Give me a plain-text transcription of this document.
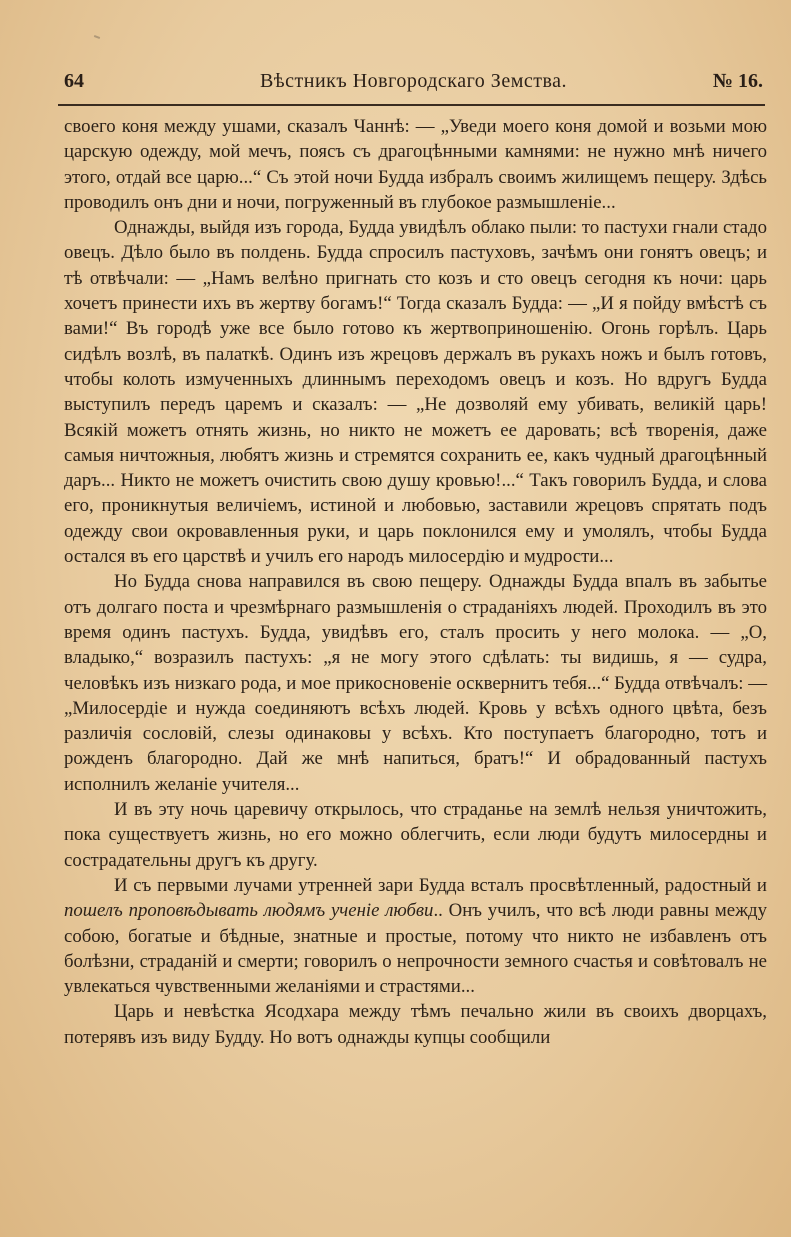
64	Вѣстникъ Новгородскаго Земства.	№ 16.

своего коня между ушами, сказалъ Чаннѣ: — „Уведи моего коня домой и возьми мою царскую одежду, мой мечъ, поясъ съ драгоцѣнными камнями: не нужно мнѣ ничего этого, отдай все царю...“ Съ этой ночи Будда избралъ своимъ жилищемъ пещеру. Здѣсь проводилъ онъ дни и ночи, погруженный въ глубокое размышленіе...

Однажды, выйдя изъ города, Будда увидѣлъ облако пыли: то пастухи гнали стадо овецъ. Дѣло было въ полдень. Будда спросилъ пастуховъ, зачѣмъ они гонятъ овецъ; и тѣ отвѣчали: — „Намъ велѣно пригнать сто козъ и сто овецъ сегодня къ ночи: царь хочетъ принести ихъ въ жертву богамъ!“ Тогда сказалъ Будда: — „И я пойду вмѣстѣ съ вами!“ Въ городѣ уже все было готово къ жертвоприношенію. Огонь горѣлъ. Царь сидѣлъ возлѣ, въ палаткѣ. Одинъ изъ жрецовъ держалъ въ рукахъ ножъ и былъ готовъ, чтобы колоть измученныхъ длиннымъ переходомъ овецъ и козъ. Но вдругъ Будда выступилъ передъ царемъ и сказалъ: — „Не дозволяй ему убивать, великій царь! Всякій можетъ отнять жизнь, но никто не можетъ ее даровать; всѣ творенія, даже самыя ничтожныя, любятъ жизнь и стремятся сохранить ее, какъ чудный драгоцѣнный даръ... Никто не можетъ очистить свою душу кровью!...“ Такъ говорилъ Будда, и слова его, проникнутыя величіемъ, истиной и любовью, заставили жрецовъ спрятать подъ одежду свои окровавленныя руки, и царь поклонился ему и умолялъ, чтобы Будда остался въ его царствѣ и училъ его народъ милосердію и мудрости...

Но Будда снова направился въ свою пещеру. Однажды Будда впалъ въ забытье отъ долгаго поста и чрезмѣрнаго размышленія о страданіяхъ людей. Проходилъ въ это время одинъ пастухъ. Будда, увидѣвъ его, сталъ просить у него молока. — „О, владыко,“ возразилъ пастухъ: „я не могу этого сдѣлать: ты видишь, я — судра, человѣкъ изъ низкаго рода, и мое прикосновеніе осквернитъ тебя...“ Будда отвѣчалъ: — „Милосердіе и нужда соединяютъ всѣхъ людей. Кровь у всѣхъ одного цвѣта, безъ различія сословій, слезы одинаковы у всѣхъ. Кто поступаетъ благородно, тотъ и рожденъ благородно. Дай же мнѣ напиться, братъ!“ И обрадованный пастухъ исполнилъ желаніе учителя...

И въ эту ночь царевичу открылось, что страданье на землѣ нельзя уничтожить, пока существуетъ жизнь, но его можно облегчить, если люди будутъ милосердны и сострадательны другъ къ другу.

И съ первыми лучами утренней зари Будда всталъ просвѣтленный, радостный и пошелъ проповѣдывать людямъ ученіе любви.. Онъ училъ, что всѣ люди равны между собою, богатые и бѣдные, знатные и простые, потому что никто не избавленъ отъ болѣзни, страданій и смерти; говорилъ о непрочности земного счастья и совѣтовалъ не увлекаться чувственными желаніями и страстями...

Царь и невѣстка Ясодхара между тѣмъ печально жили въ своихъ дворцахъ, потерявъ изъ виду Будду. Но вотъ однажды купцы сообщили
